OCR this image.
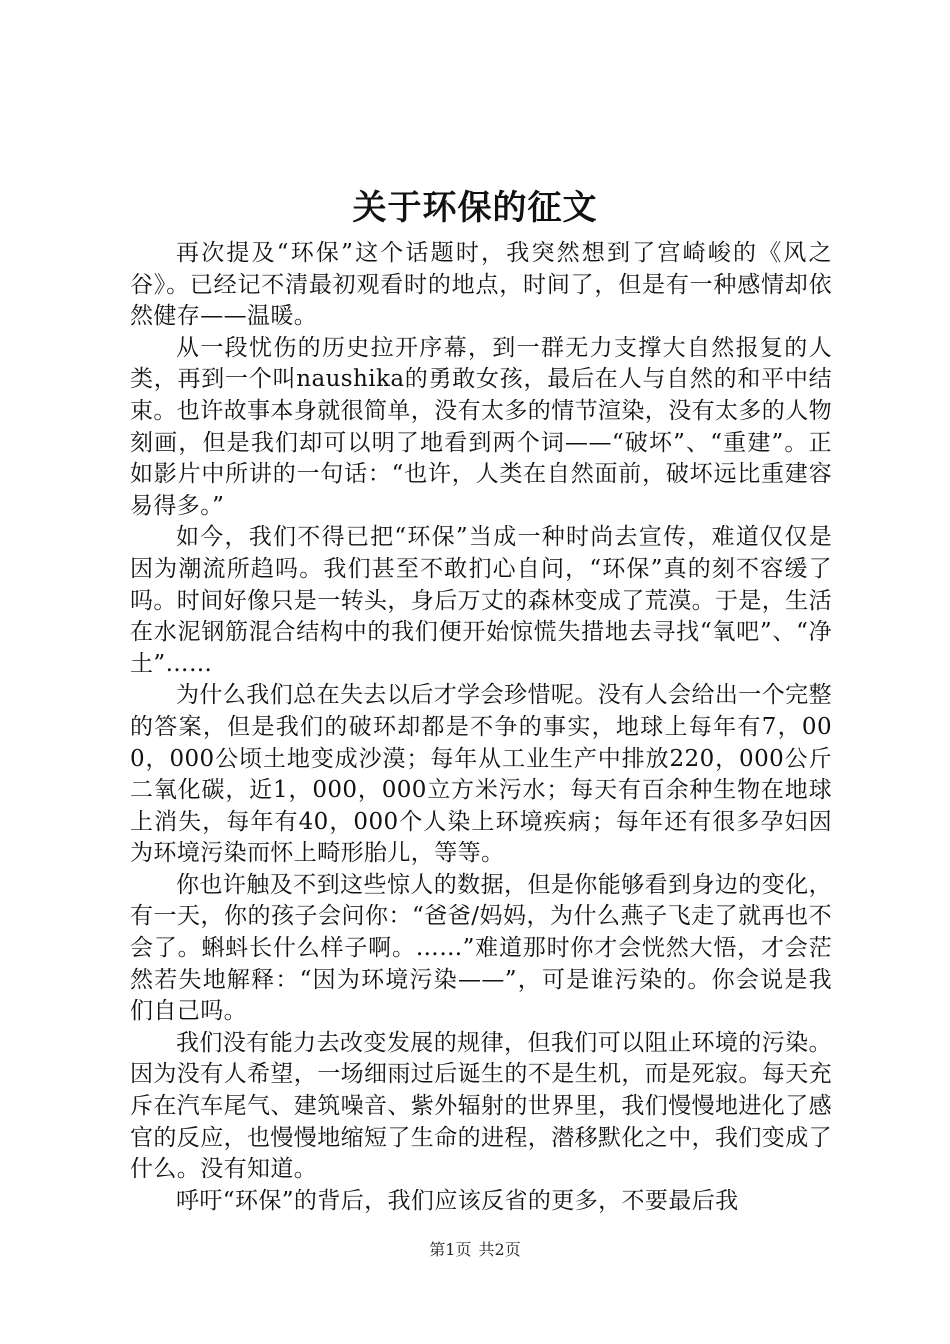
关于环保的征文

再次提及“环保”这个话题时，我突然想到了宫崎峻的《风之谷》。已经记不清最初观看时的地点，时间了，但是有一种感情却依然健存——温暖。

从一段忧伤的历史拉开序幕，到一群无力支撑大自然报复的人类，再到一个叫naushika的勇敢女孩，最后在人与自然的和平中结束。也许故事本身就很简单，没有太多的情节渲染，没有太多的人物刻画，但是我们却可以明了地看到两个词——“破坏”、“重建”。正如影片中所讲的一句话：“也许，人类在自然面前，破坏远比重建容易得多。”

如今，我们不得已把“环保”当成一种时尚去宣传，难道仅仅是因为潮流所趋吗。我们甚至不敢扪心自问，“环保”真的刻不容缓了吗。时间好像只是一转头，身后万丈的森林变成了荒漠。于是，生活在水泥钢筋混合结构中的我们便开始惊慌失措地去寻找“氧吧”、“净土”……

为什么我们总在失去以后才学会珍惜呢。没有人会给出一个完整的答案，但是我们的破环却都是不争的事实，地球上每年有7，000，000公顷土地变成沙漠；每年从工业生产中排放220，000公斤二氧化碳，近1，000，000立方米污水；每天有百余种生物在地球上消失，每年有40，000个人染上环境疾病；每年还有很多孕妇因为环境污染而怀上畸形胎儿，等等。

你也许触及不到这些惊人的数据，但是你能够看到身边的变化，有一天，你的孩子会问你：“爸爸/妈妈，为什么燕子飞走了就再也不会了。蝌蚪长什么样子啊。……”难道那时你才会恍然大悟，才会茫然若失地解释：“因为环境污染——”，可是谁污染的。你会说是我们自己吗。

我们没有能力去改变发展的规律，但我们可以阻止环境的污染。因为没有人希望，一场细雨过后诞生的不是生机，而是死寂。每天充斥在汽车尾气、建筑噪音、紫外辐射的世界里，我们慢慢地进化了感官的反应，也慢慢地缩短了生命的进程，潜移默化之中，我们变成了什么。没有知道。

呼吁“环保”的背后，我们应该反省的更多，不要最后我

第1页 共2页
